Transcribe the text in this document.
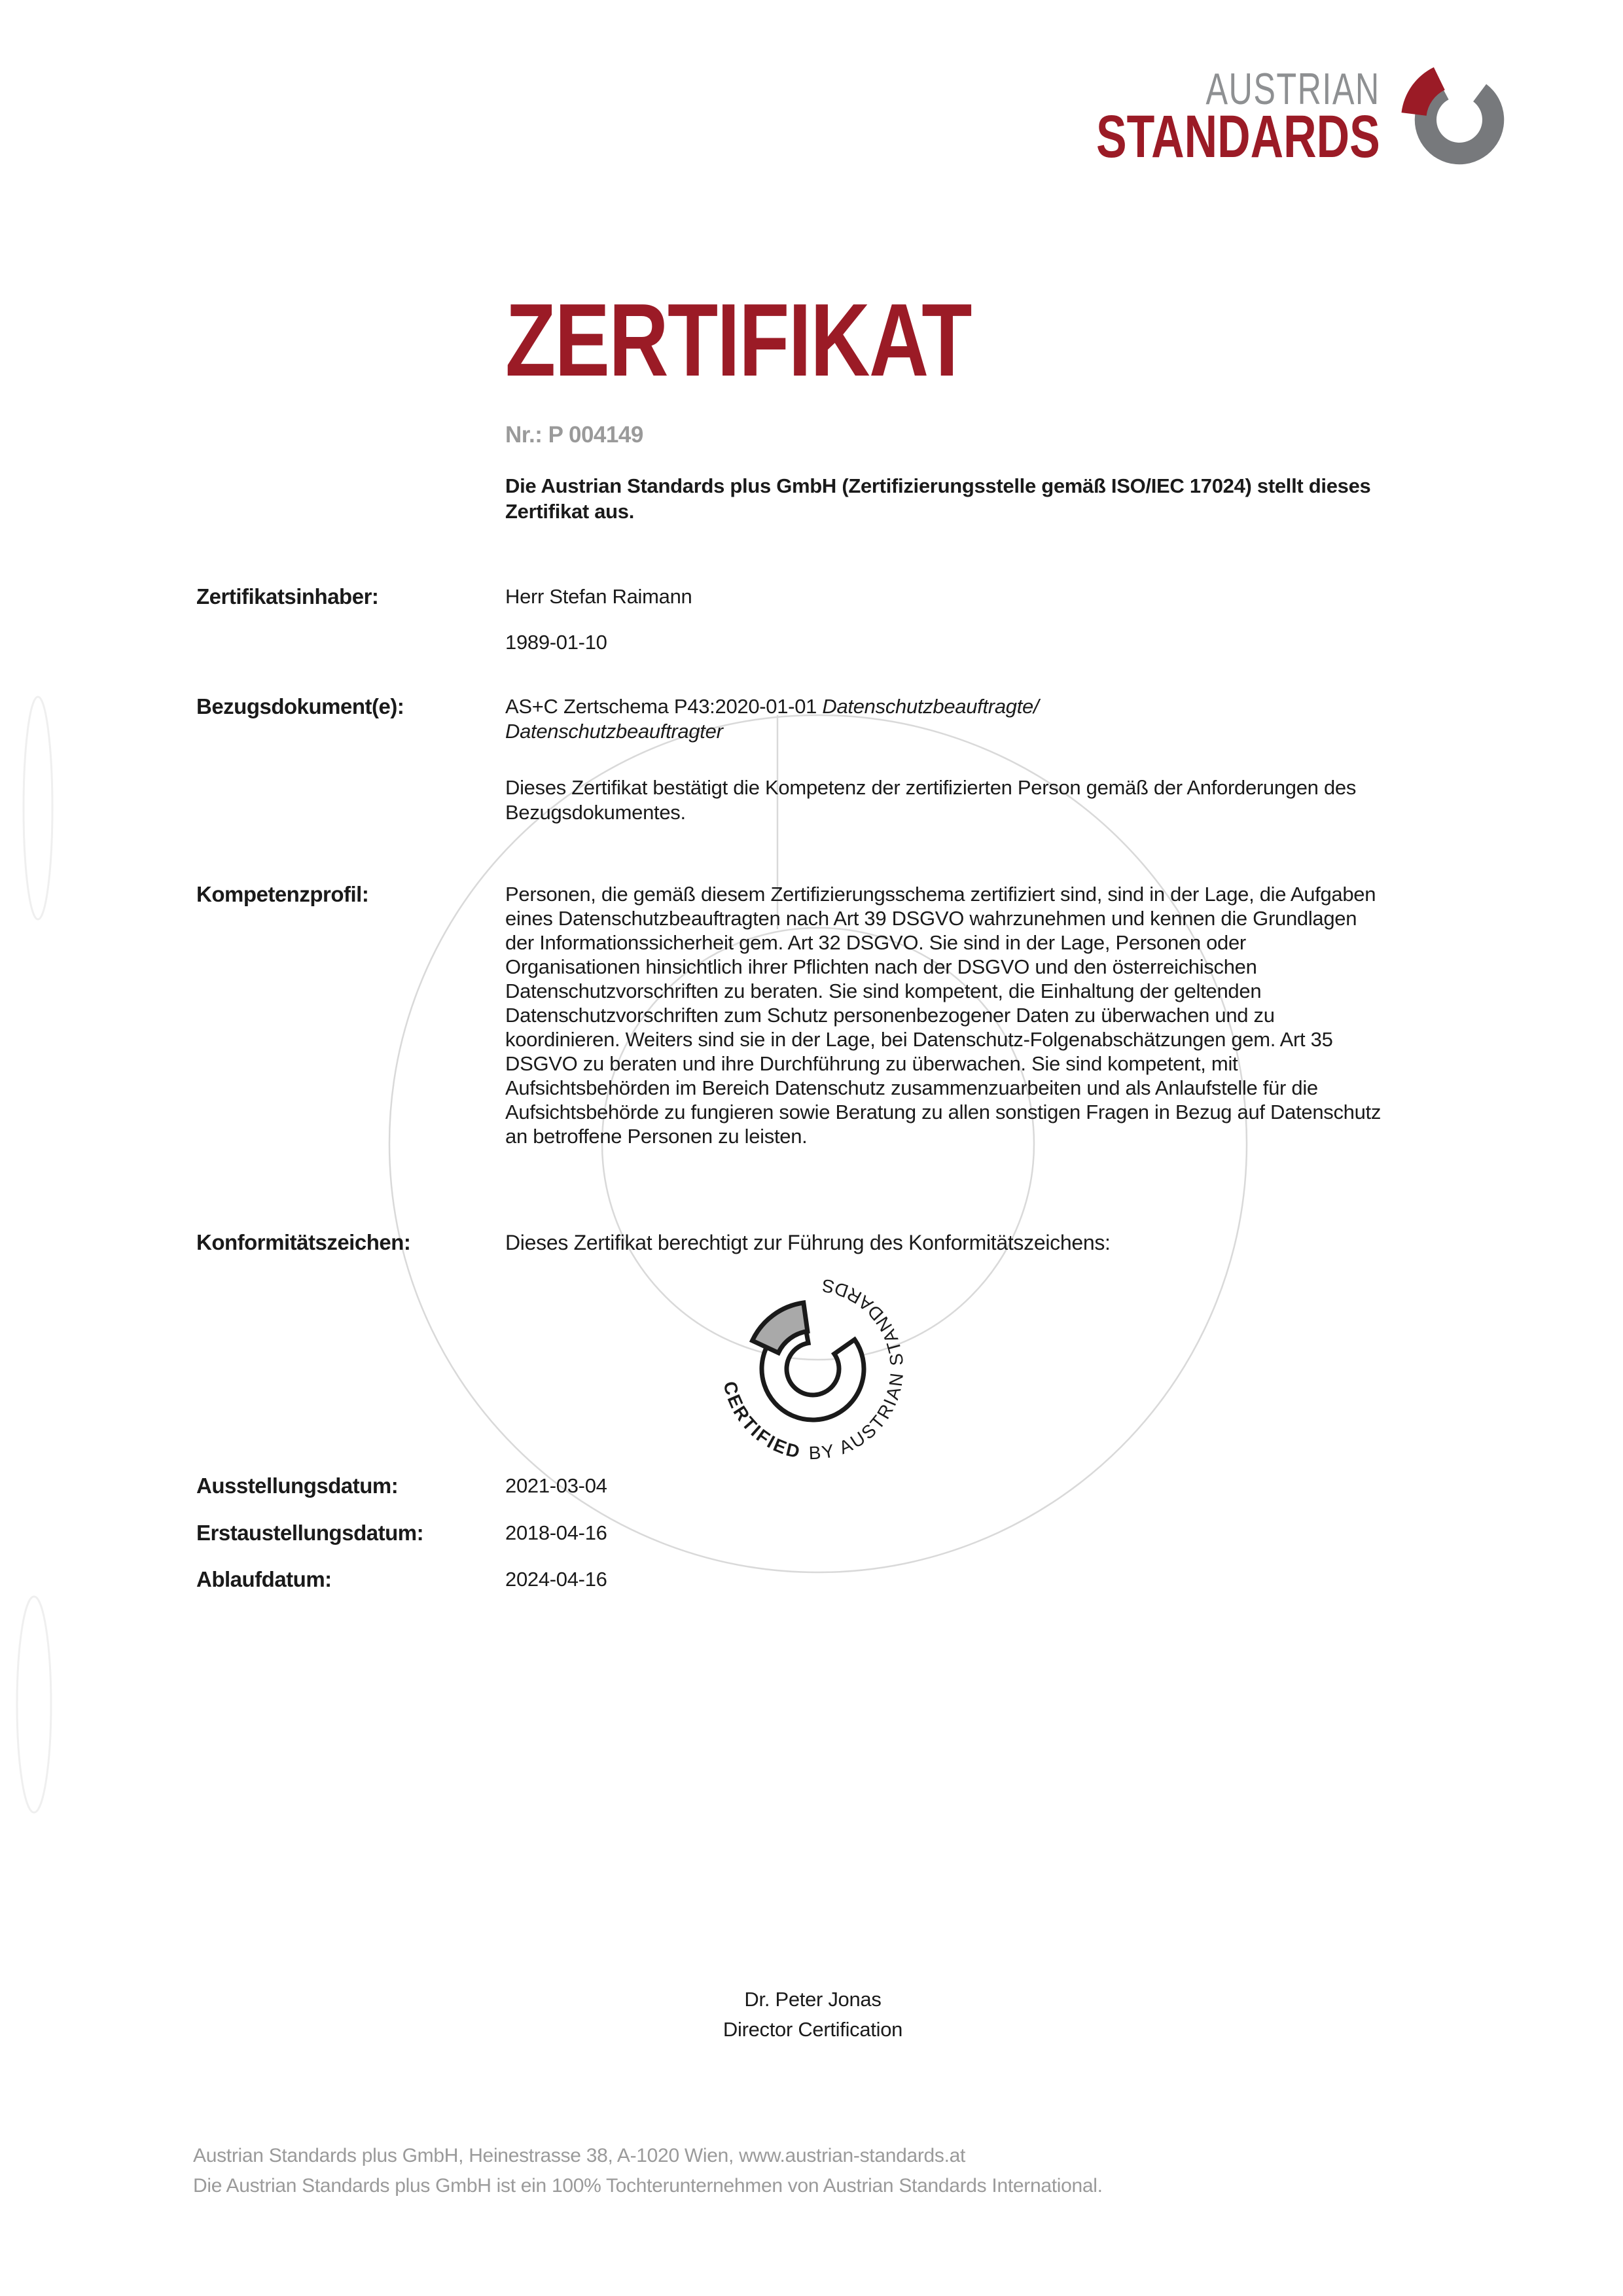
AUSTRIAN
STANDARDS
ZERTIFIKAT
Nr.: P 004149
Die Austrian Standards plus GmbH (Zertifizierungsstelle gemäß ISO/IEC 17024) stellt dieses Zertifikat aus.
Zertifikatsinhaber:	Herr Stefan Raimann
1989-01-10
Bezugsdokument(e):	AS+C Zertschema P43:2020-01-01 Datenschutzbeauftragte/
Datenschutzbeauftragter
Dieses Zertifikat bestätigt die Kompetenz der zertifizierten Person gemäß der Anforderungen des Bezugsdokumentes.
Kompetenzprofil:	Personen, die gemäß diesem Zertifizierungsschema zertifiziert sind, sind in der Lage, die Aufgaben eines Datenschutzbeauftragten nach Art 39 DSGVO wahrzunehmen und kennen die Grundlagen der Informationssicherheit gem. Art 32 DSGVO. Sie sind in der Lage, Personen oder Organisationen hinsichtlich ihrer Pflichten nach der DSGVO und den österreichischen Datenschutzvorschriften zu beraten. Sie sind kompetent, die Einhaltung der geltenden Datenschutzvorschriften zum Schutz personenbezogener Daten zu überwachen und zu koordinieren. Weiters sind sie in der Lage, bei Datenschutz-Folgenabschätzungen gem. Art 35 DSGVO zu beraten und ihre Durchführung zu überwachen. Sie sind kompetent, mit Aufsichtsbehörden im Bereich Datenschutz zusammenzuarbeiten und als Anlaufstelle für die Aufsichtsbehörde zu fungieren sowie Beratung zu allen sonstigen Fragen in Bezug auf Datenschutz an betroffene Personen zu leisten.
Konformitätszeichen:	Dieses Zertifikat berechtigt zur Führung des Konformitätszeichens:
CERTIFIED BY AUSTRIAN STANDARDS
Ausstellungsdatum:	2021-03-04
Erstaustellungsdatum:	2018-04-16
Ablaufdatum:	2024-04-16
Dr. Peter Jonas
Director Certification
Austrian Standards plus GmbH, Heinestrasse 38, A-1020 Wien, www.austrian-standards.at
Die Austrian Standards plus GmbH ist ein 100% Tochterunternehmen von Austrian Standards International.
